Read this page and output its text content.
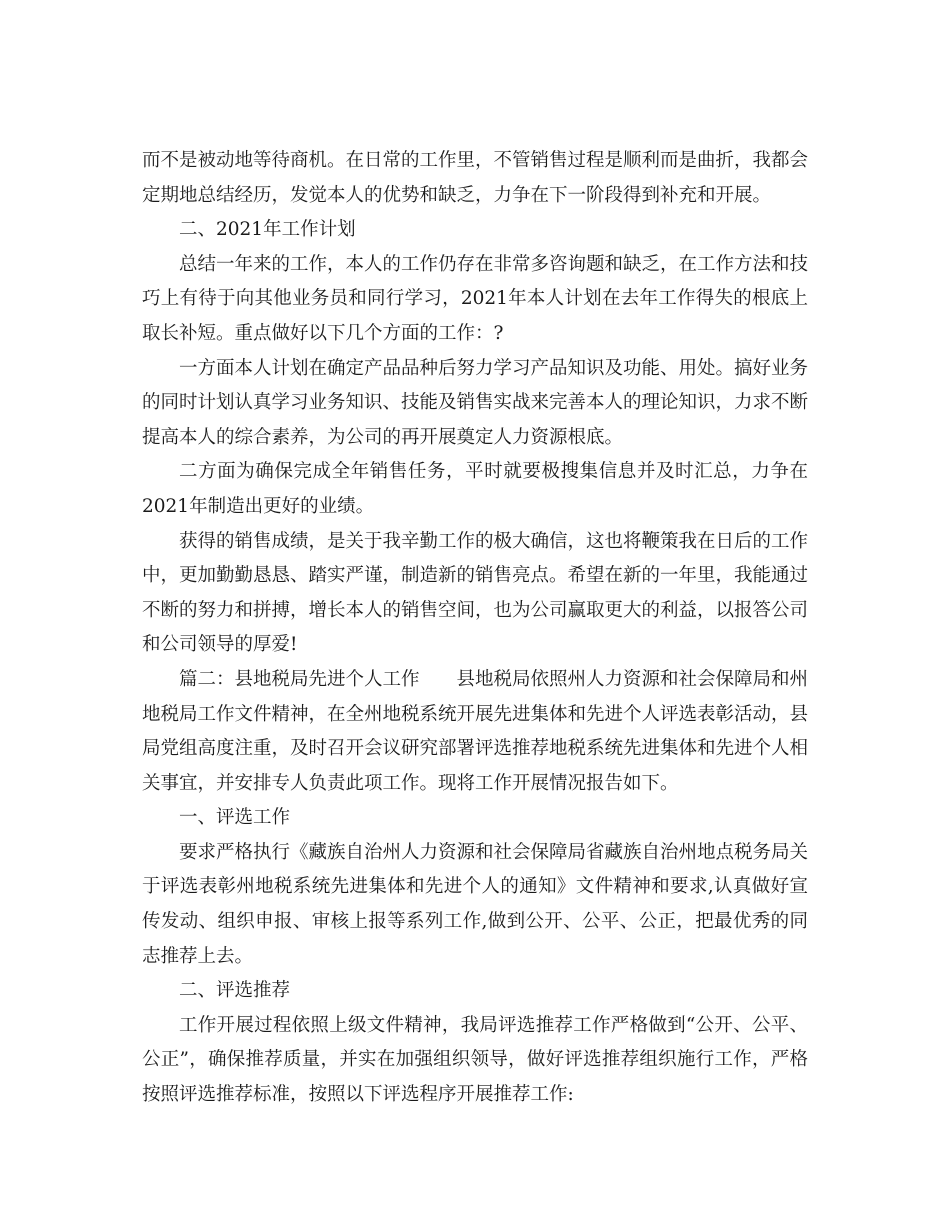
而不是被动地等待商机。在日常的工作里，不管销售过程是顺利而是曲折，我都会定期地总结经历，发觉本人的优势和缺乏，力争在下一阶段得到补充和开展。

二、2021年工作计划

总结一年来的工作，本人的工作仍存在非常多咨询题和缺乏，在工作方法和技巧上有待于向其他业务员和同行学习，2021年本人计划在去年工作得失的根底上取长补短。重点做好以下几个方面的工作：?

一方面本人计划在确定产品品种后努力学习产品知识及功能、用处。搞好业务的同时计划认真学习业务知识、技能及销售实战来完善本人的理论知识，力求不断提高本人的综合素养，为公司的再开展奠定人力资源根底。

二方面为确保完成全年销售任务，平时就要极搜集信息并及时汇总，力争在2021年制造出更好的业绩。

获得的销售成绩，是关于我辛勤工作的极大确信，这也将鞭策我在日后的工作中，更加勤勤恳恳、踏实严谨，制造新的销售亮点。希望在新的一年里，我能通过不断的努力和拼搏，增长本人的销售空间，也为公司赢取更大的利益，以报答公司和公司领导的厚爱!

篇二：县地税局先进个人工作　　县地税局依照州人力资源和社会保障局和州地税局工作文件精神，在全州地税系统开展先进集体和先进个人评选表彰活动，县局党组高度注重，及时召开会议研究部署评选推荐地税系统先进集体和先进个人相关事宜，并安排专人负责此项工作。现将工作开展情况报告如下。

一、评选工作

要求严格执行《藏族自治州人力资源和社会保障局省藏族自治州地点税务局关于评选表彰州地税系统先进集体和先进个人的通知》文件精神和要求,认真做好宣传发动、组织申报、审核上报等系列工作,做到公开、公平、公正，把最优秀的同志推荐上去。

二、评选推荐

工作开展过程依照上级文件精神，我局评选推荐工作严格做到“公开、公平、公正”，确保推荐质量，并实在加强组织领导，做好评选推荐组织施行工作，严格按照评选推荐标准，按照以下评选程序开展推荐工作:
